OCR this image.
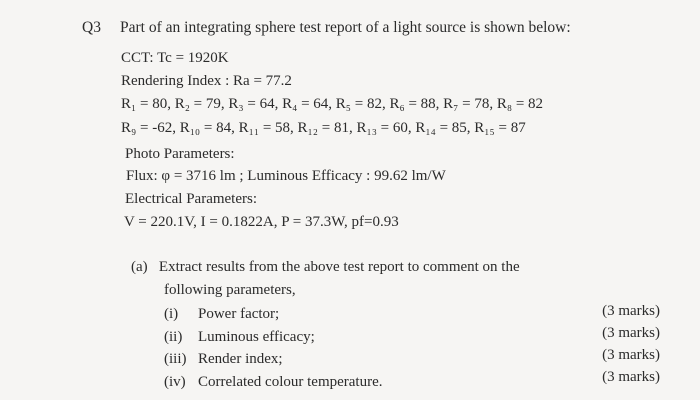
Q3 Part of an integrating sphere test report of a light source is shown below:
CCT: Tc = 1920K
Rendering Index : Ra = 77.2
R₁ = 80, R₂ = 79, R₃ = 64, R₄ = 64, R₅ = 82, R₆ = 88, R₇ = 78, R₈ = 82
R₉ = -62, R₁₀ = 84, R₁₁ = 58, R₁₂ = 81, R₁₃ = 60, R₁₄ = 85, R₁₅ = 87
Photo Parameters:
Flux: φ = 3716 lm ; Luminous Efficacy : 99.62 lm/W
Electrical Parameters:
V = 220.1V, I = 0.1822A, P = 37.3W, pf=0.93
(a) Extract results from the above test report to comment on the
following parameters,
(i) Power factor;
(ii) Luminous efficacy;
(iii) Render index;
(iv) Correlated colour temperature.
(3 marks)
(3 marks)
(3 marks)
(3 marks)
